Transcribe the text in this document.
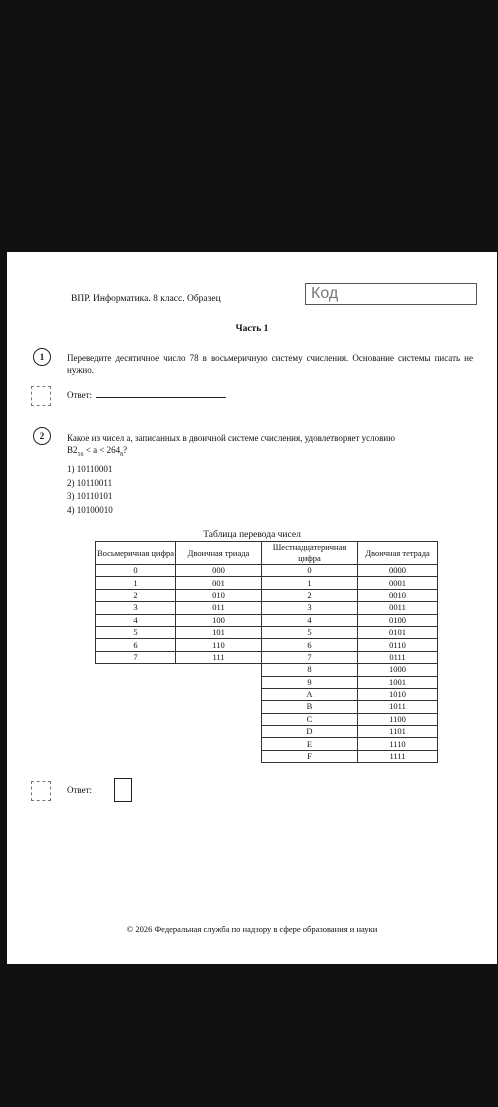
ВПР. Информатика. 8 класс. Образец	Код
Часть 1
1	Переведите десятичное число 78 в восьмеричную систему счисления. Основание системы писать не нужно.
Ответ:
2	Какое из чисел a, записанных в двоичной системе счисления, удовлетворяет условию
$B2_{16} < a < 264_8$?
1) 10110001
2) 10110011
3) 10110101
4) 10100010
Таблица перевода чисел
Восьмеричная цифра	Двоичная триада	Шестнадцатеричная цифра	Двоичная тетрада
0	000	0	0000
1	001	1	0001
2	010	2	0010
3	011	3	0011
4	100	4	0100
5	101	5	0101
6	110	6	0110
7	111	7	0111
		8	1000
		9	1001
		A	1010
		B	1011
		C	1100
		D	1101
		E	1110
		F	1111
Ответ:
© 2026 Федеральная служба по надзору в сфере образования и науки
